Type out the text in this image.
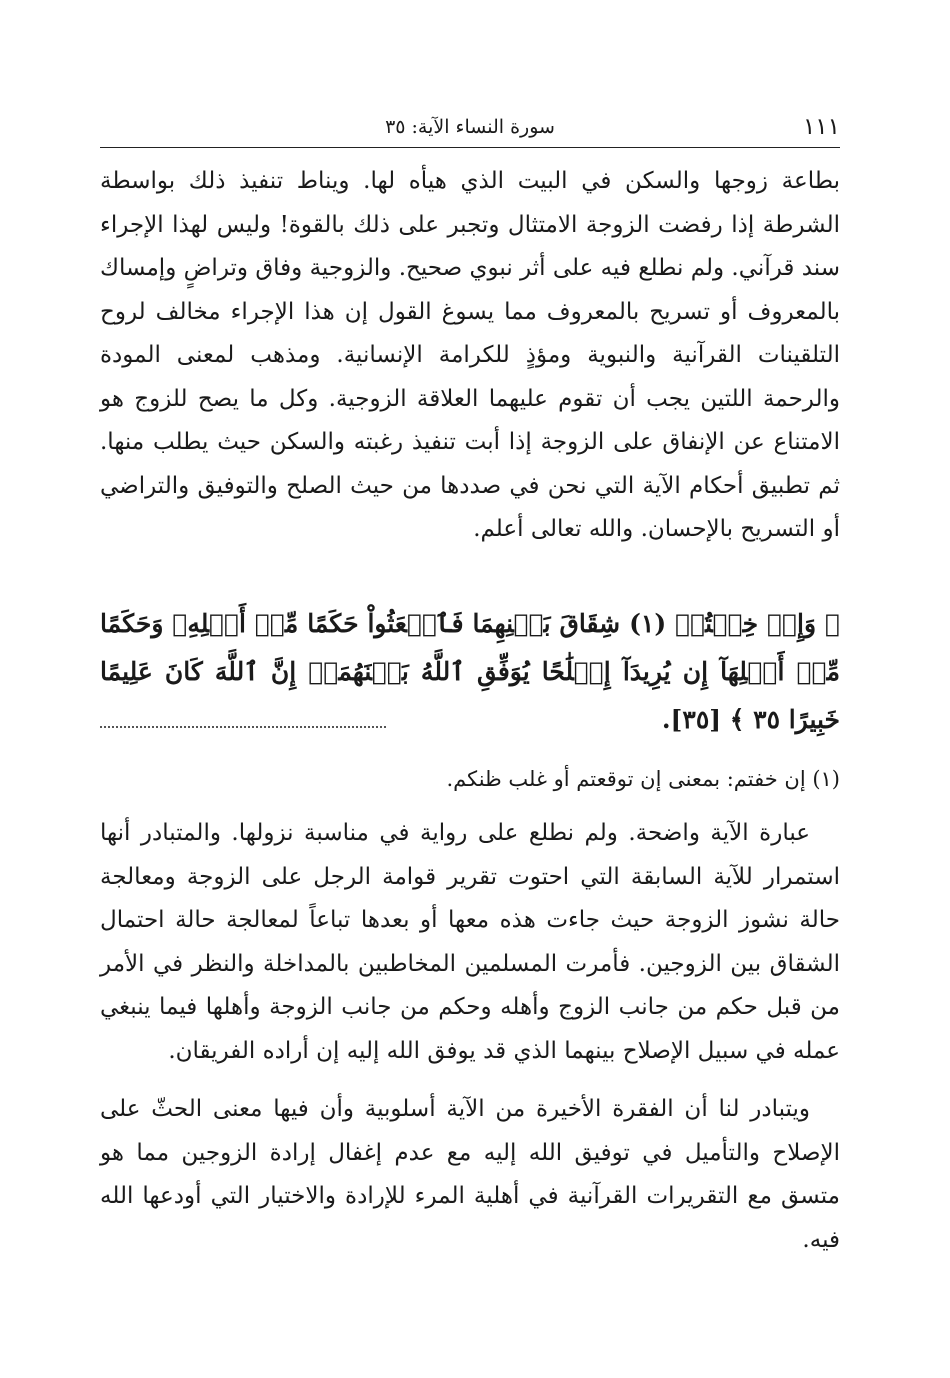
سورة النساء الآية: ٣٥	١١١

بطاعة زوجها والسكن في البيت الذي هيأه لها. ويناط تنفيذ ذلك بواسطة الشرطة إذا رفضت الزوجة الامتثال وتجبر على ذلك بالقوة! وليس لهذا الإجراء سند قرآني. ولم نطلع فيه على أثر نبوي صحيح. والزوجية وفاق وتراضٍ وإمساك بالمعروف أو تسريح بالمعروف مما يسوغ القول إن هذا الإجراء مخالف لروح التلقينات القرآنية والنبوية ومؤذٍ للكرامة الإنسانية. ومذهب لمعنى المودة والرحمة اللتين يجب أن تقوم عليهما العلاقة الزوجية. وكل ما يصح للزوج هو الامتناع عن الإنفاق على الزوجة إذا أبت تنفيذ رغبته والسكن حيث يطلب منها. ثم تطبيق أحكام الآية التي نحن في صددها من حيث الصلح والتوفيق والتراضي أو التسريح بالإحسان. والله تعالى أعلم.

﴿ وَإِنۡ خِفۡتُمۡ (١) شِقَاقَ بَيۡنِهِمَا فَٱبۡعَثُواْ حَكَمًا مِّنۡ أَهۡلِهِۦ وَحَكَمًا مِّنۡ أَهۡلِهَآ إِن يُرِيدَآ إِصۡلَٰحًا يُوَفِّقِ ٱللَّهُ بَيۡنَهُمَآۗ إِنَّ ٱللَّهَ كَانَ عَلِيمًا خَبِيرًا ٣٥ ﴾ [٣٥].

(١) إن خفتم: بمعنى إن توقعتم أو غلب ظنكم.

عبارة الآية واضحة. ولم نطلع على رواية في مناسبة نزولها. والمتبادر أنها استمرار للآية السابقة التي احتوت تقرير قوامة الرجل على الزوجة ومعالجة حالة نشوز الزوجة حيث جاءت هذه معها أو بعدها تباعاً لمعالجة حالة احتمال الشقاق بين الزوجين. فأمرت المسلمين المخاطبين بالمداخلة والنظر في الأمر من قبل حكم من جانب الزوج وأهله وحكم من جانب الزوجة وأهلها فيما ينبغي عمله في سبيل الإصلاح بينهما الذي قد يوفق الله إليه إن أراده الفريقان.

ويتبادر لنا أن الفقرة الأخيرة من الآية أسلوبية وأن فيها معنى الحثّ على الإصلاح والتأميل في توفيق الله إليه مع عدم إغفال إرادة الزوجين مما هو متسق مع التقريرات القرآنية في أهلية المرء للإرادة والاختيار التي أودعها الله فيه.
